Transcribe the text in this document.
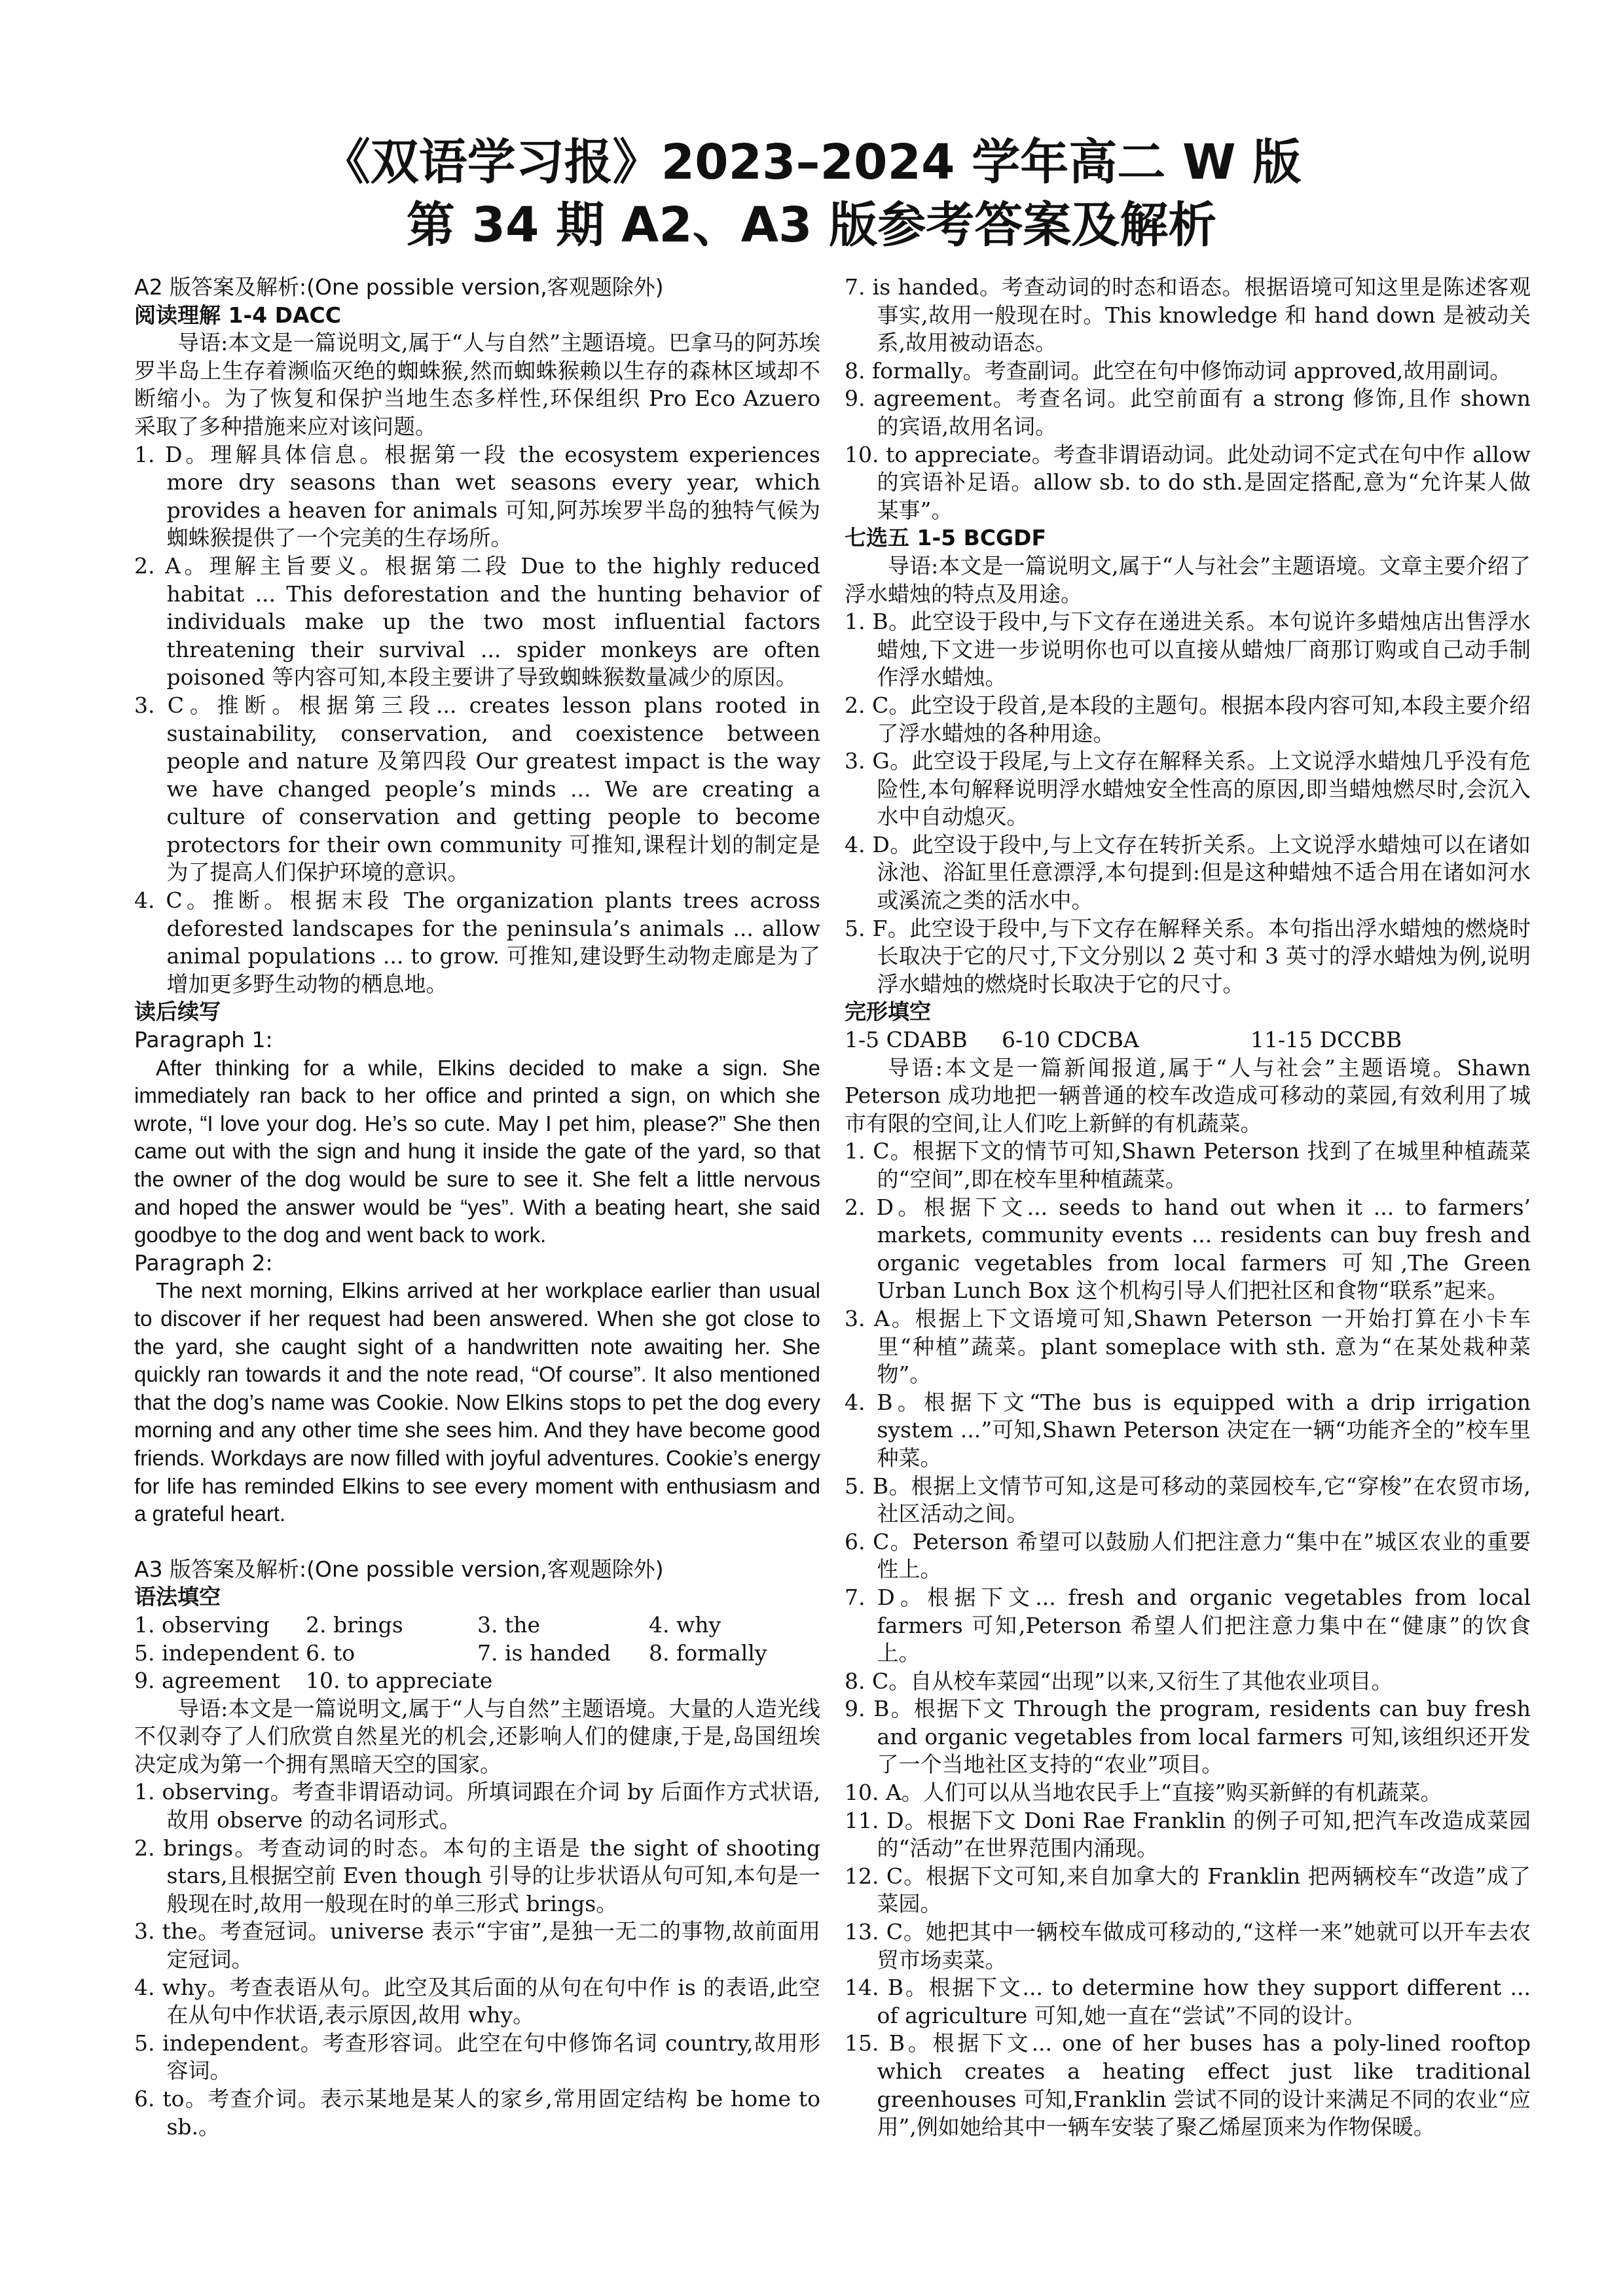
《双语学习报》2023–2024 学年高二 W 版
第 34 期 A2、A3 版参考答案及解析

A2 版答案及解析:(One possible version,客观题除外)

阅读理解 1-4 DACC

导语:本文是一篇说明文,属于“人与自然”主题语境。巴拿马的阿苏埃罗半岛上生存着濒临灭绝的蜘蛛猴,然而蜘蛛猴赖以生存的森林区域却不断缩小。为了恢复和保护当地生态多样性,环保组织 Pro Eco Azuero 采取了多种措施来应对该问题。

1. D。理解具体信息。根据第一段 the ecosystem experiences more dry seasons than wet seasons every year, which provides a heaven for animals 可知,阿苏埃罗半岛的独特气候为蜘蛛猴提供了一个完美的生存场所。

2. A。理解主旨要义。根据第二段 Due to the highly reduced habitat ... This deforestation and the hunting behavior of individuals make up the two most influential factors threatening their survival ... spider monkeys are often poisoned 等内容可知,本段主要讲了导致蜘蛛猴数量减少的原因。

3. C。推断。根据第三段... creates lesson plans rooted in sustainability, conservation, and coexistence between people and nature 及第四段 Our greatest impact is the way we have changed people’s minds ... We are creating a culture of conservation and getting people to become protectors for their own community 可推知,课程计划的制定是为了提高人们保护环境的意识。

4. C。推断。根据末段 The organization plants trees across deforested landscapes for the peninsula’s animals ... allow animal populations ... to grow. 可推知,建设野生动物走廊是为了增加更多野生动物的栖息地。

读后续写

Paragraph 1:

After thinking for a while, Elkins decided to make a sign. She immediately ran back to her office and printed a sign, on which she wrote, “I love your dog. He’s so cute. May I pet him, please?” She then came out with the sign and hung it inside the gate of the yard, so that the owner of the dog would be sure to see it. She felt a little nervous and hoped the answer would be “yes”. With a beating heart, she said goodbye to the dog and went back to work.

Paragraph 2:

The next morning, Elkins arrived at her workplace earlier than usual to discover if her request had been answered. When she got close to the yard, she caught sight of a handwritten note awaiting her. She quickly ran towards it and the note read, “Of course”. It also mentioned that the dog’s name was Cookie. Now Elkins stops to pet the dog every morning and any other time she sees him. And they have become good friends. Workdays are now filled with joyful adventures. Cookie’s energy for life has reminded Elkins to see every moment with enthusiasm and a grateful heart.

A3 版答案及解析:(One possible version,客观题除外)

语法填空

1. observing	2. brings	3. the	4. why
5. independent 6. to	7. is handed	8. formally
9. agreement	10. to appreciate

导语:本文是一篇说明文,属于“人与自然”主题语境。大量的人造光线不仅剥夺了人们欣赏自然星光的机会,还影响人们的健康,于是,岛国纽埃决定成为第一个拥有黑暗天空的国家。

1. observing。考查非谓语动词。所填词跟在介词 by 后面作方式状语,故用 observe 的动名词形式。

2. brings。考查动词的时态。本句的主语是 the sight of shooting stars,且根据空前 Even though 引导的让步状语从句可知,本句是一般现在时,故用一般现在时的单三形式 brings。

3. the。考查冠词。universe 表示“宇宙”,是独一无二的事物,故前面用定冠词。

4. why。考查表语从句。此空及其后面的从句在句中作 is 的表语,此空在从句中作状语,表示原因,故用 why。

5. independent。考查形容词。此空在句中修饰名词 country,故用形容词。

6. to。考查介词。表示某地是某人的家乡,常用固定结构 be home to sb.。

7. is handed。考查动词的时态和语态。根据语境可知这里是陈述客观事实,故用一般现在时。This knowledge 和 hand down 是被动关系,故用被动语态。

8. formally。考查副词。此空在句中修饰动词 approved,故用副词。

9. agreement。考查名词。此空前面有 a strong 修饰,且作 shown 的宾语,故用名词。

10. to appreciate。考查非谓语动词。此处动词不定式在句中作 allow 的宾语补足语。allow sb. to do sth.是固定搭配,意为“允许某人做某事”。

七选五 1-5 BCGDF

导语:本文是一篇说明文,属于“人与社会”主题语境。文章主要介绍了浮水蜡烛的特点及用途。

1. B。此空设于段中,与下文存在递进关系。本句说许多蜡烛店出售浮水蜡烛,下文进一步说明你也可以直接从蜡烛厂商那订购或自己动手制作浮水蜡烛。

2. C。此空设于段首,是本段的主题句。根据本段内容可知,本段主要介绍了浮水蜡烛的各种用途。

3. G。此空设于段尾,与上文存在解释关系。上文说浮水蜡烛几乎没有危险性,本句解释说明浮水蜡烛安全性高的原因,即当蜡烛燃尽时,会沉入水中自动熄灭。

4. D。此空设于段中,与上文存在转折关系。上文说浮水蜡烛可以在诸如泳池、浴缸里任意漂浮,本句提到:但是这种蜡烛不适合用在诸如河水或溪流之类的活水中。

5. F。此空设于段中,与下文存在解释关系。本句指出浮水蜡烛的燃烧时长取决于它的尺寸,下文分别以 2 英寸和 3 英寸的浮水蜡烛为例,说明浮水蜡烛的燃烧时长取决于它的尺寸。

完形填空

1-5 CDABB	6-10 CDCBA	11-15 DCCBB

导语:本文是一篇新闻报道,属于“人与社会”主题语境。Shawn Peterson 成功地把一辆普通的校车改造成可移动的菜园,有效利用了城市有限的空间,让人们吃上新鲜的有机蔬菜。

1. C。根据下文的情节可知,Shawn Peterson 找到了在城里种植蔬菜的“空间”,即在校车里种植蔬菜。

2. D。根据下文... seeds to hand out when it ... to farmers’ markets, community events ... residents can buy fresh and organic vegetables from local farmers 可知,The Green Urban Lunch Box 这个机构引导人们把社区和食物“联系”起来。

3. A。根据上下文语境可知,Shawn Peterson 一开始打算在小卡车里“种植”蔬菜。plant someplace with sth. 意为“在某处栽种菜物”。

4. B。根据下文“The bus is equipped with a drip irrigation system ...”可知,Shawn Peterson 决定在一辆“功能齐全的”校车里种菜。

5. B。根据上文情节可知,这是可移动的菜园校车,它“穿梭”在农贸市场,社区活动之间。

6. C。Peterson 希望可以鼓励人们把注意力“集中在”城区农业的重要性上。

7. D。根据下文... fresh and organic vegetables from local farmers 可知,Peterson 希望人们把注意力集中在“健康”的饮食上。

8. C。自从校车菜园“出现”以来,又衍生了其他农业项目。

9. B。根据下文 Through the program, residents can buy fresh and organic vegetables from local farmers 可知,该组织还开发了一个当地社区支持的“农业”项目。

10. A。人们可以从当地农民手上“直接”购买新鲜的有机蔬菜。

11. D。根据下文 Doni Rae Franklin 的例子可知,把汽车改造成菜园的“活动”在世界范围内涌现。

12. C。根据下文可知,来自加拿大的 Franklin 把两辆校车“改造”成了菜园。

13. C。她把其中一辆校车做成可移动的,“这样一来”她就可以开车去农贸市场卖菜。

14. B。根据下文... to determine how they support different ... of agriculture 可知,她一直在“尝试”不同的设计。

15. B。根据下文... one of her buses has a poly-lined rooftop which creates a heating effect just like traditional greenhouses 可知,Franklin 尝试不同的设计来满足不同的农业“应用”,例如她给其中一辆车安装了聚乙烯屋顶来为作物保暖。
